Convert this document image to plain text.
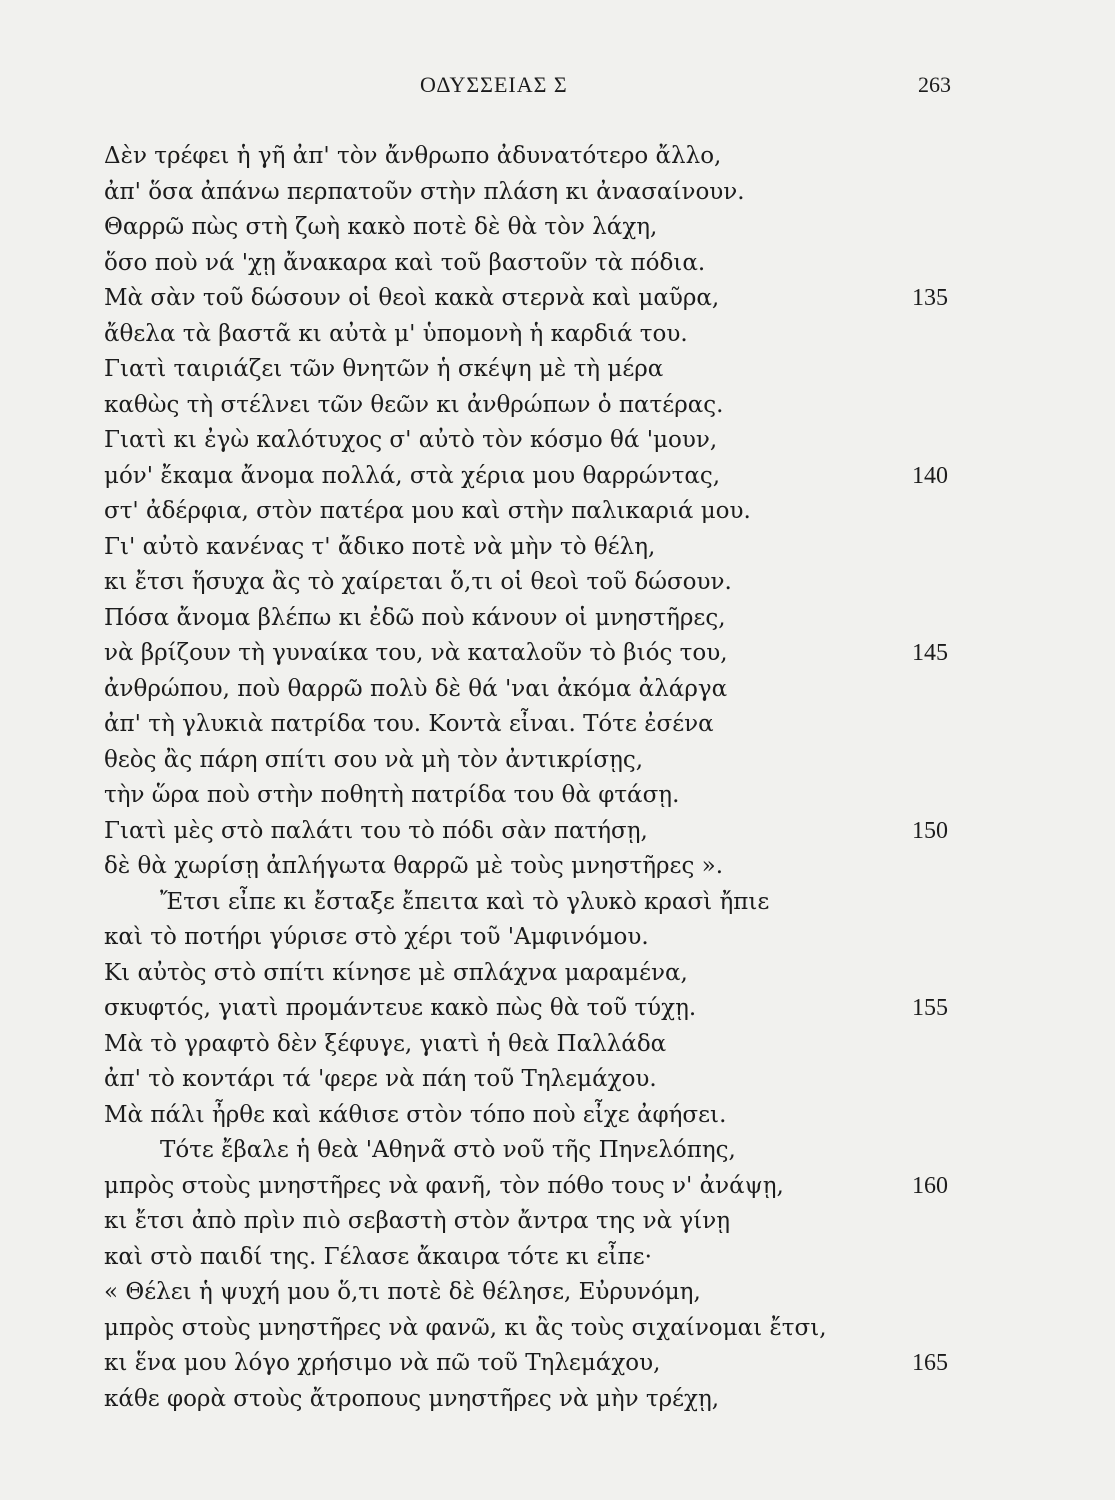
ΟΔΥΣΣΕΙΑΣ Σ	263
Δὲν τρέφει ἡ γῆ ἀπ' τὸν ἄνθρωπο ἀδυνατότερο ἄλλο,
ἀπ' ὅσα ἀπάνω περπατοῦν στὴν πλάση κι ἀνασαίνουν.
Θαρρῶ πὼς στὴ ζωὴ κακὸ ποτὲ δὲ θὰ τὸν λάχη,
ὅσο ποὺ νά 'χῃ ἄνακαρα καὶ τοῦ βαστοῦν τὰ πόδια.
Μὰ σὰν τοῦ δώσουν οἱ θεοὶ κακὰ στερνὰ καὶ μαῦρα,	135
ἄθελα τὰ βαστᾶ κι αὐτὰ μ' ὑπομονὴ ἡ καρδιά του.
Γιατὶ ταιριάζει τῶν θνητῶν ἡ σκέψη μὲ τὴ μέρα
καθὼς τὴ στέλνει τῶν θεῶν κι ἀνθρώπων ὁ πατέρας.
Γιατὶ κι ἐγὼ καλότυχος σ' αὐτὸ τὸν κόσμο θά 'μουν,
μόν' ἔκαμα ἄνομα πολλά, στὰ χέρια μου θαρρώντας,	140
στ' ἀδέρφια, στὸν πατέρα μου καὶ στὴν παλικαριά μου.
Γι' αὐτὸ κανένας τ' ἄδικο ποτὲ νὰ μὴν τὸ θέλη,
κι ἔτσι ἥσυχα ἂς τὸ χαίρεται ὅ,τι οἱ θεοὶ τοῦ δώσουν.
Πόσα ἄνομα βλέπω κι ἐδῶ ποὺ κάνουν οἱ μνηστῆρες,
νὰ βρίζουν τὴ γυναίκα του, νὰ καταλοῦν τὸ βιός του,	145
ἀνθρώπου, ποὺ θαρρῶ πολὺ δὲ θά 'ναι ἀκόμα ἀλάργα
ἀπ' τὴ γλυκιὰ πατρίδα του. Κοντὰ εἶναι. Τότε ἐσένα
θεὸς ἂς πάρη σπίτι σου νὰ μὴ τὸν ἀντικρίσῃς,
τὴν ὥρα ποὺ στὴν ποθητὴ πατρίδα του θὰ φτάσῃ.
Γιατὶ μὲς στὸ παλάτι του τὸ πόδι σὰν πατήσῃ,	150
δὲ θὰ χωρίσῃ ἀπλήγωτα θαρρῶ μὲ τοὺς μνηστῆρες ».
Ἔτσι εἶπε κι ἔσταξε ἔπειτα καὶ τὸ γλυκὸ κρασὶ ἤπιε
καὶ τὸ ποτήρι γύρισε στὸ χέρι τοῦ 'Αμφινόμου.
Κι αὐτὸς στὸ σπίτι κίνησε μὲ σπλάχνα μαραμένα,
σκυφτός, γιατὶ προμάντευε κακὸ πὼς θὰ τοῦ τύχῃ.	155
Μὰ τὸ γραφτὸ δὲν ξέφυγε, γιατὶ ἡ θεὰ Παλλάδα
ἀπ' τὸ κοντάρι τά 'φερε νὰ πάη τοῦ Τηλεμάχου.
Μὰ πάλι ἦρθε καὶ κάθισε στὸν τόπο ποὺ εἶχε ἀφήσει.
Τότε ἔβαλε ἡ θεὰ 'Αθηνᾶ στὸ νοῦ τῆς Πηνελόπης,
μπρὸς στοὺς μνηστῆρες νὰ φανῆ, τὸν πόθο τους ν' ἀνάψῃ,	160
κι ἔτσι ἀπὸ πρὶν πιὸ σεβαστὴ στὸν ἄντρα της νὰ γίνῃ
καὶ στὸ παιδί της. Γέλασε ἄκαιρα τότε κι εἶπε·
« Θέλει ἡ ψυχή μου ὅ,τι ποτὲ δὲ θέλησε, Εὐρυνόμη,
μπρὸς στοὺς μνηστῆρες νὰ φανῶ, κι ἂς τοὺς σιχαίνομαι ἔτσι,
κι ἕνα μου λόγο χρήσιμο νὰ πῶ τοῦ Τηλεμάχου,	165
κάθε φορὰ στοὺς ἄτροπους μνηστῆρες νὰ μὴν τρέχῃ,
